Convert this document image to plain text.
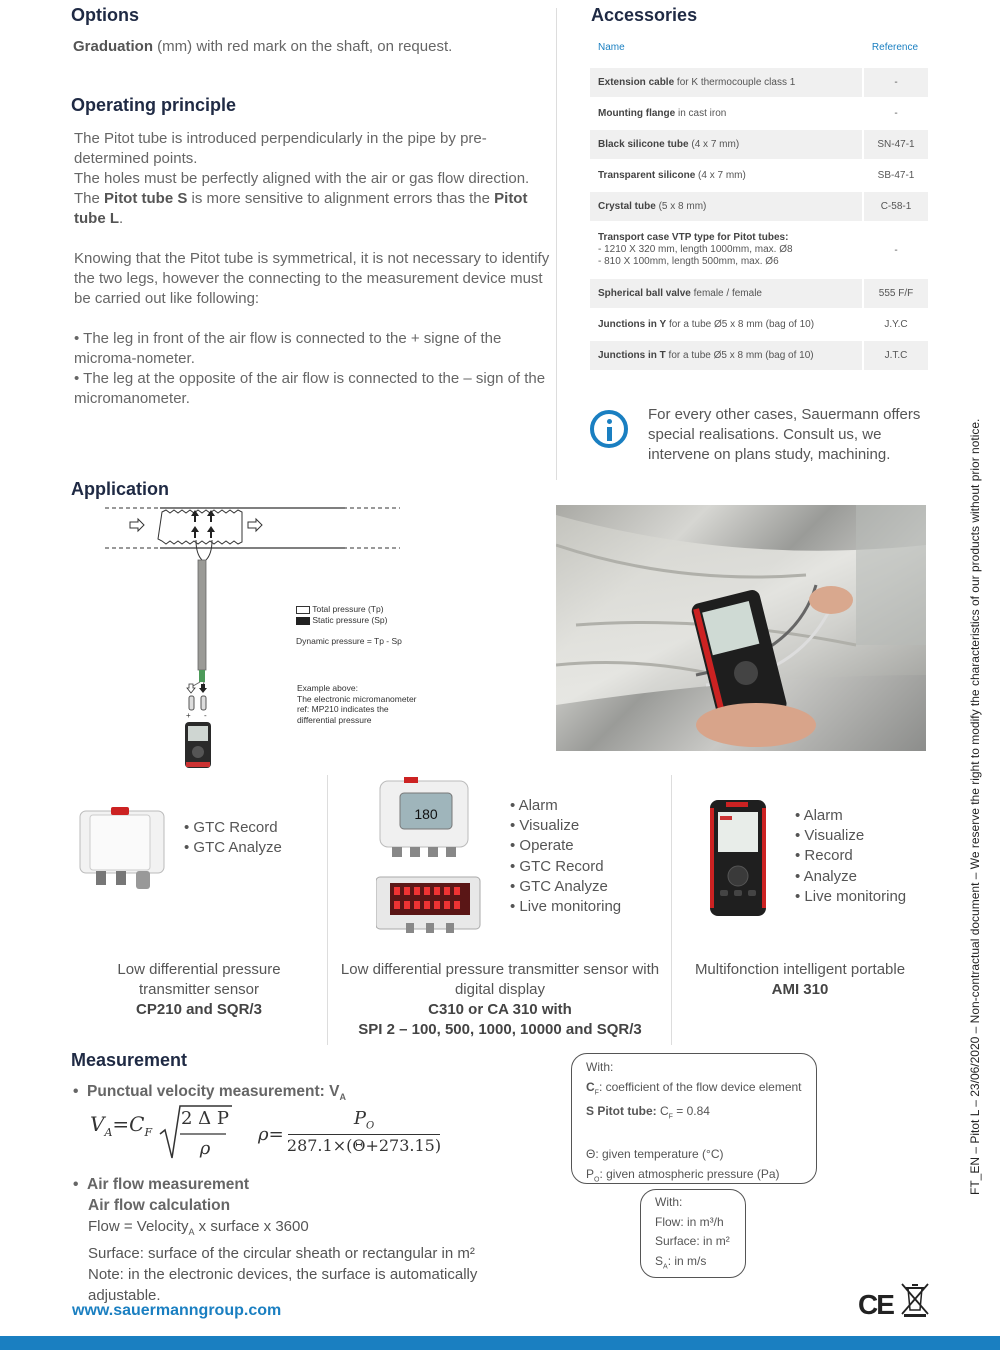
Options
Graduation (mm) with red mark on the shaft, on request.
Operating principle
The Pitot tube is introduced perpendicularly in the pipe by pre-determined points.
The holes must be perfectly aligned with the air or gas flow direction.
The Pitot tube S is more sensitive to alignment errors thas the Pitot tube L.
Knowing that the Pitot tube is symmetrical, it is not necessary to identify the two legs, however the connecting to the measurement device must be carried out like following:
• The leg in front of the air flow is connected to the + signe of the microma-nometer.
• The leg at the opposite of the air flow is connected to the – sign of the micromanometer.
Accessories
Name	Reference
Extension cable for K thermocouple class 1	-
Mounting flange in cast iron	-
Black silicone tube (4 x 7 mm)	SN-47-1
Transparent silicone (4 x 7 mm)	SB-47-1
Crystal tube (5 x 8 mm)	C-58-1
Transport case VTP type for Pitot tubes:
- 1210 X 320 mm, length 1000mm, max. Ø8
- 810 X 100mm, length 500mm, max. Ø6	-
Spherical ball valve female / female	555 F/F
Junctions in Y for a tube Ø5 x 8 mm (bag of 10)	J.Y.C
Junctions in T for a tube Ø5 x 8 mm (bag of 10)	J.T.C
For every other cases, Sauermann offers special realisations. Consult us, we intervene on plans study, machining.
Application
+ -
Total pressure (Tp)
Static pressure (Sp)
Dynamic pressure = Tp - Sp
Example above:
The electronic micromanometer
ref: MP210 indicates the
differential pressure
• GTC Record
• GTC Analyze
Low differential pressure
transmitter sensor
CP210 and SQR/3
180	• Alarm
• Visualize
• Operate
• GTC Record
• GTC Analyze
• Live monitoring
Low differential pressure transmitter sensor with
digital display
C310 or CA 310 with
SPI 2 – 100, 500, 1000, 10000 and SQR/3
• Alarm
• Visualize
• Record
• Analyze
• Live monitoring
Multifonction intelligent portable
AMI 310
Measurement
•  Punctual velocity measurement: $V_A$
$V_A=C_F$
2 Δ P
ρ
ρ=
$P_O$
287.1×(Θ+273.15)
•  Air flow measurement
Air flow calculation
Flow = Velocity$_A$ x surface x 3600
Surface: surface of the circular sheath or rectangular in m²
Note: in the electronic devices, the surface is automatically adjustable.
With:
$C_F$: coefficient of the flow device element
S Pitot tube: $C_F = 0.84$
Θ: given temperature (°C)
$P_O$: given atmospheric pressure (Pa)
With:
Flow: in m³/h
Surface: in m²
$S_A$: in m/s
www.sauermanngroup.com	CE
FT_EN – Pitot L – 23/06/2020 – Non-contractual document – We reserve the right to modify the characteristics of our products without prior notice.
